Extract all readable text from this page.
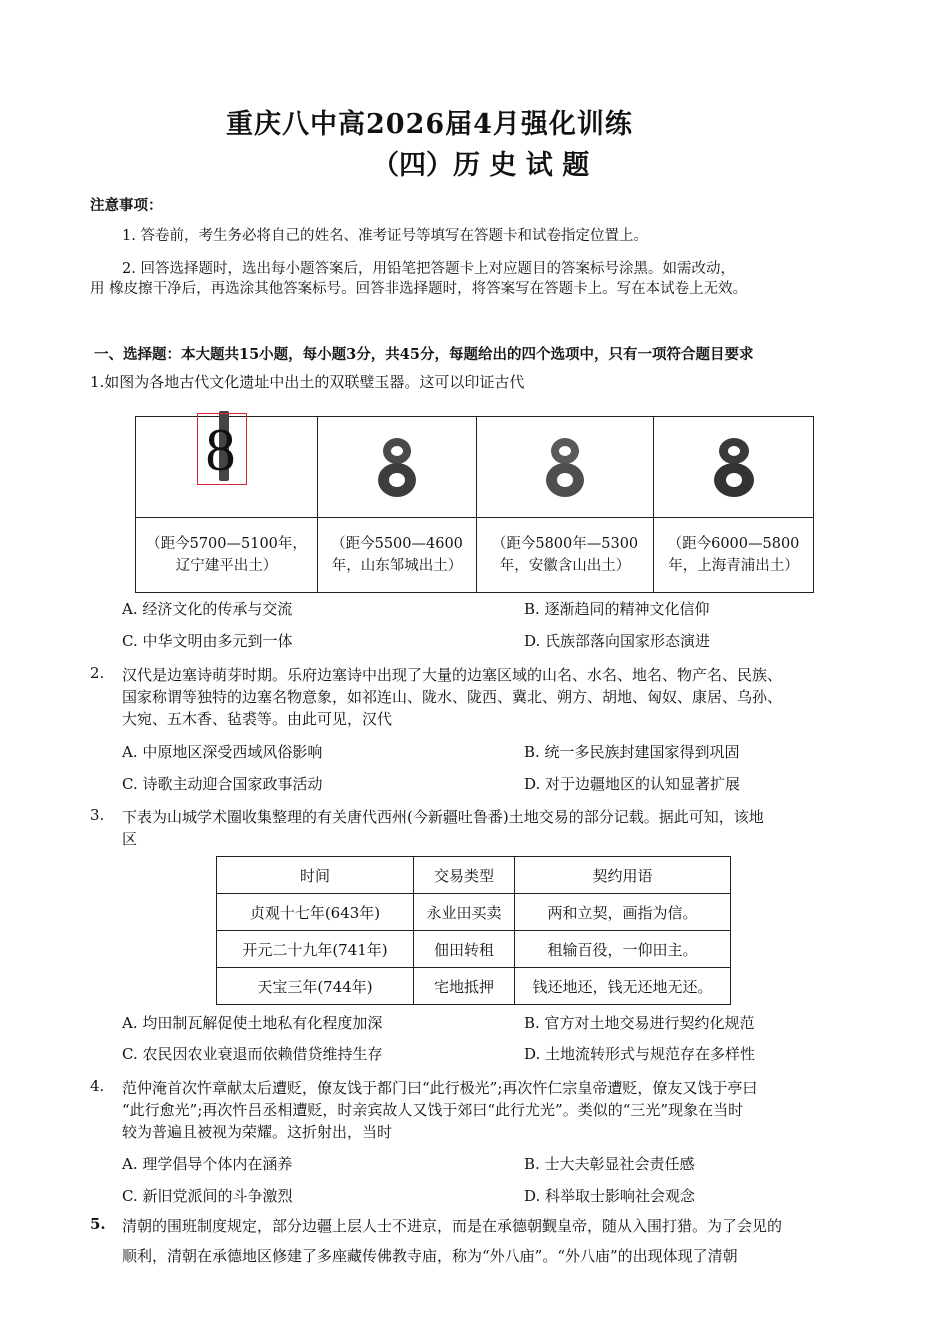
重庆八中高2026届4月强化训练
（四）历 史 试 题
注意事项：
1. 答卷前，考生务必将自己的姓名、准考证号等填写在答题卡和试卷指定位置上。
2. 回答选择题时，选出每小题答案后，用铅笔把答题卡上对应题目的答案标号涂黑。如需改动，
用 橡皮擦干净后，再选涂其他答案标号。回答非选择题时，将答案写在答题卡上。写在本试卷上无效。
一、选择题：本大题共15小题，每小题3分，共45分，每题给出的四个选项中，只有一项符合题目要求
1.如图为各地古代文化遗址中出土的双联璧玉器。这可以印证古代
8

（距今5700—5100年，辽宁建平出土）	（距今5500—4600年，山东邹城出土）	（距今5800年—5300 年，安徽含山出土）	（距今6000—5800年，上海青浦出土）
A. 经济文化的传承与交流	B. 逐渐趋同的精神文化信仰
C. 中华文明由多元到一体	D. 氏族部落向国家形态演进
2. 汉代是边塞诗萌芽时期。乐府边塞诗中出现了大量的边塞区域的山名、水名、地名、物产名、民族、
国家称谓等独特的边塞名物意象，如祁连山、陇水、陇西、冀北、朔方、胡地、匈奴、康居、乌孙、
大宛、五木香、毡裘等。由此可见，汉代
A. 中原地区深受西域风俗影响	B. 统一多民族封建国家得到巩固
C. 诗歌主动迎合国家政事活动	D. 对于边疆地区的认知显著扩展
3. 下表为山城学术圈收集整理的有关唐代西州(今新疆吐鲁番)土地交易的部分记载。据此可知，该地
区
时间	交易类型	契约用语
贞观十七年(643年)	永业田买卖	两和立契，画指为信。
开元二十九年(741年)	佃田转租	租输百役，一仰田主。
天宝三年(744年)	宅地抵押	钱还地还，钱无还地无还。
A. 均田制瓦解促使土地私有化程度加深	B. 官方对土地交易进行契约化规范
C. 农民因农业衰退而依赖借贷维持生存	D. 土地流转形式与规范存在多样性
4. 范仲淹首次忤章献太后遭贬，僚友饯于都门曰“此行极光”;再次忤仁宗皇帝遭贬，僚友又饯于亭曰
“此行愈光”;再次忤吕丞相遭贬，时亲宾故人又饯于郊曰“此行尤光”。类似的“三光”现象在当时
较为普遍且被视为荣耀。这折射出，当时
A. 理学倡导个体内在涵养	B. 士大夫彰显社会责任感
C. 新旧党派间的斗争激烈	D. 科举取士影响社会观念
5. 清朝的围班制度规定，部分边疆上层人士不进京，而是在承德朝觐皇帝，随从入围打猎。为了会见的
顺利，清朝在承德地区修建了多座藏传佛教寺庙，称为“外八庙”。“外八庙”的出现体现了清朝
